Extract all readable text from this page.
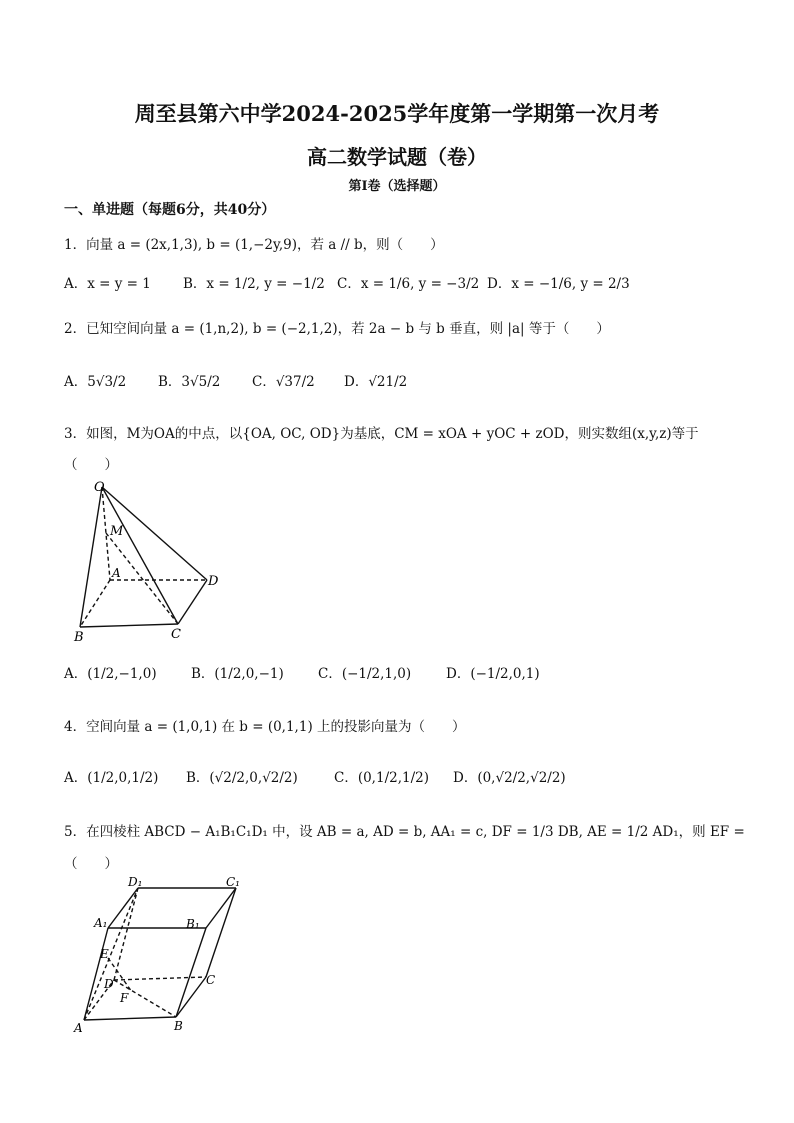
周至县第六中学2024-2025学年度第一学期第一次月考
高二数学试题（卷）
第Ⅰ卷（选择题）
一、单进题（每题6分，共40分）
1．向量 a = (2x,1,3), b = (1,−2y,9)，若 a // b，则（　　）
A．x = y = 1 B．x = 1/2, y = −1/2 C．x = 1/6, y = −3/2 D．x = −1/6, y = 2/3
2．已知空间向量 a = (1,n,2), b = (−2,1,2)，若 2a − b 与 b 垂直，则 |a| 等于（　　）
A．5√3/2 B．3√5/2 C．√37/2 D．√21/2
3．如图，M为OA的中点，以{OA, OC, OD}为基底，CM = xOA + yOC + zOD，则实数组(x,y,z)等于
（　　）
O
M
A
D
B	C
A．(1/2,−1,0)	B．(1/2,0,−1)	C．(−1/2,1,0)	D．(−1/2,0,1)
4．空间向量 a = (1,0,1) 在 b = (0,1,1) 上的投影向量为（　　）
A．(1/2,0,1/2) B．(√2/2,0,√2/2)	C．(0,1/2,1/2) D．(0,√2/2,√2/2)
5．在四棱柱 ABCD − A₁B₁C₁D₁ 中，设 AB = a, AD = b, AA₁ = c, DF = 1/3 DB, AE = 1/2 AD₁，则 EF =
（　　）
D₁	C₁
A₁	B₁
E
D
F
C
A	B
